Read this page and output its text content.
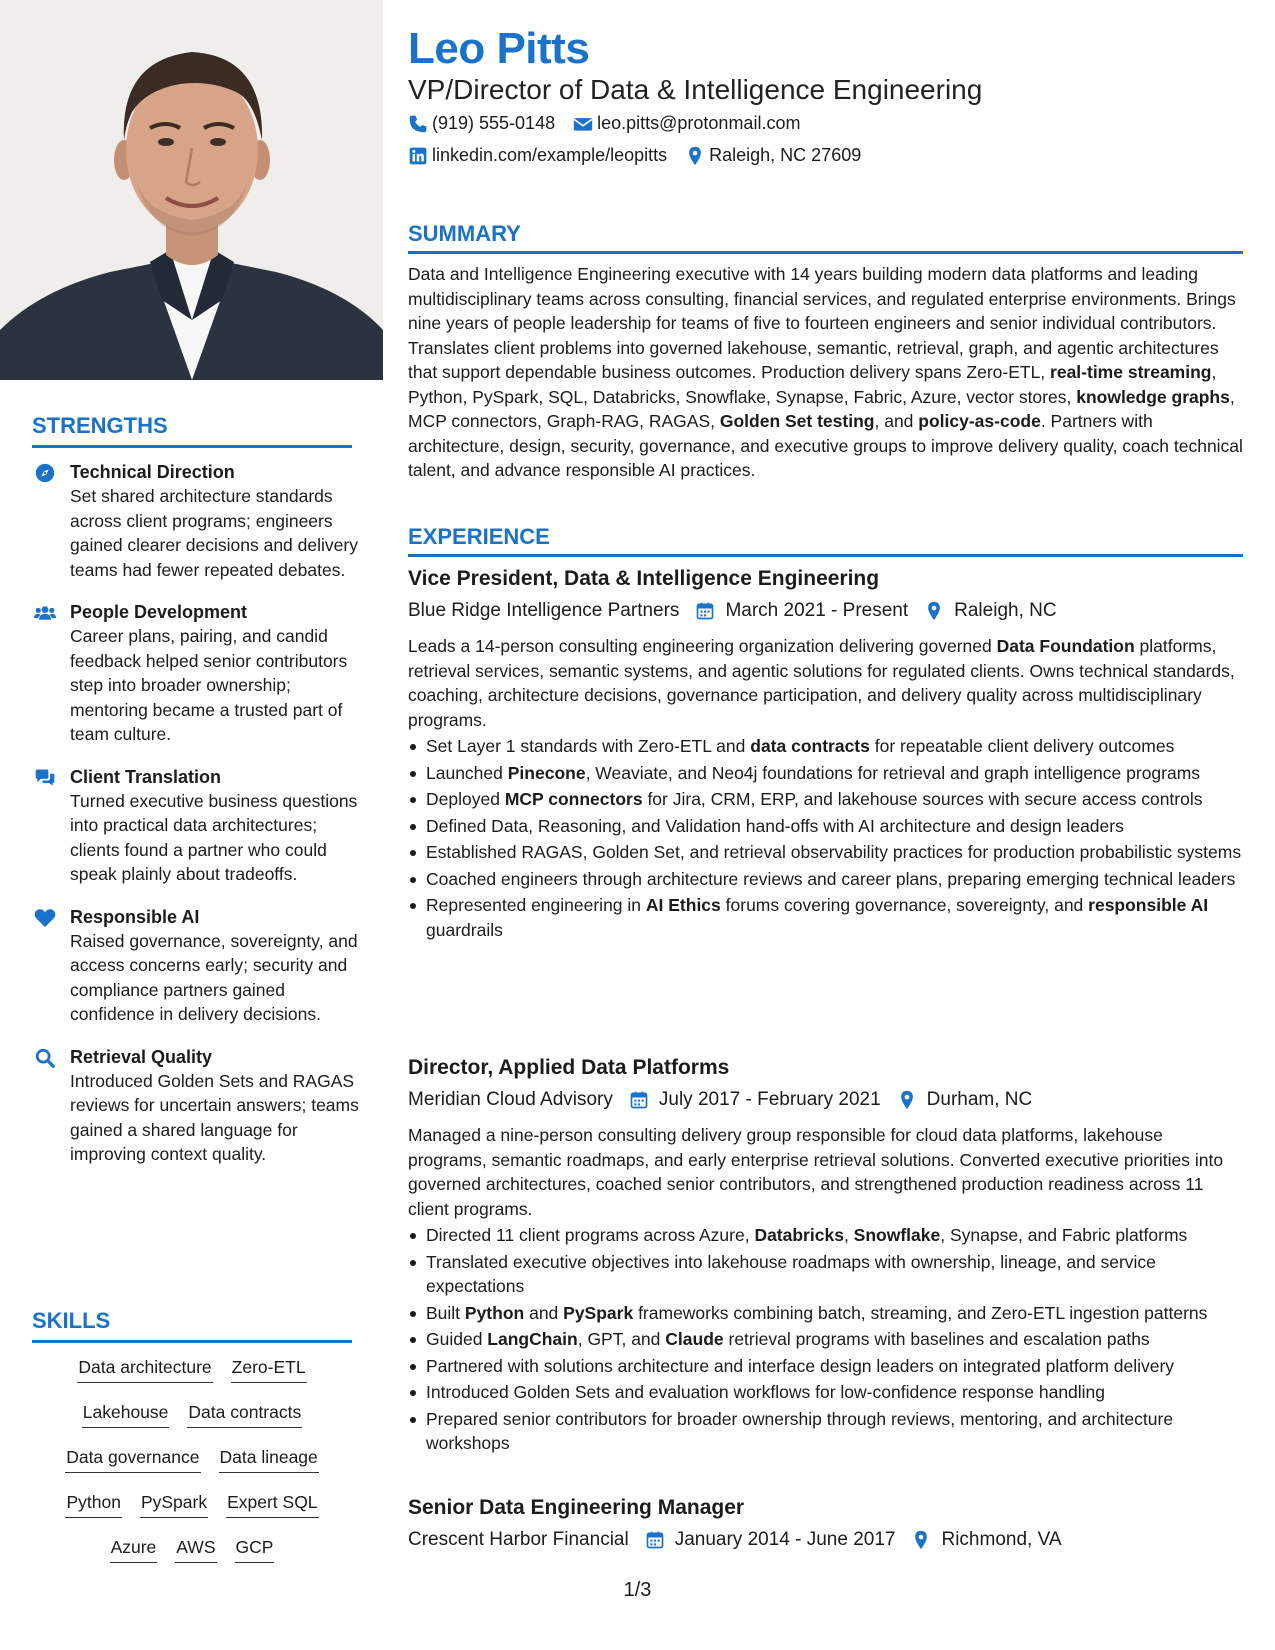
STRENGTHS
Technical Direction
Set shared architecture standards across client programs; engineers gained clearer decisions and delivery teams had fewer repeated debates.
People Development
Career plans, pairing, and candid feedback helped senior contributors step into broader ownership; mentoring became a trusted part of team culture.
Client Translation
Turned executive business questions into practical data architectures; clients found a partner who could speak plainly about tradeoffs.
Responsible AI
Raised governance, sovereignty, and access concerns early; security and compliance partners gained confidence in delivery decisions.
Retrieval Quality
Introduced Golden Sets and RAGAS reviews for uncertain answers; teams gained a shared language for improving context quality.
SKILLS
Data architecture Zero-ETL
Lakehouse Data contracts
Data governance Data lineage
Python PySpark Expert SQL
Azure AWS GCP
Leo Pitts
VP/Director of Data & Intelligence Engineering
(919) 555-0148 leo.pitts@protonmail.com
linkedin.com/example/leopitts Raleigh, NC 27609
SUMMARY
Data and Intelligence Engineering executive with 14 years building modern data platforms and leading multidisciplinary teams across consulting, financial services, and regulated enterprise environments. Brings nine years of people leadership for teams of five to fourteen engineers and senior individual contributors. Translates client problems into governed lakehouse, semantic, retrieval, graph, and agentic architectures that support dependable business outcomes. Production delivery spans Zero-ETL, real-time streaming, Python, PySpark, SQL, Databricks, Snowflake, Synapse, Fabric, Azure, vector stores, knowledge graphs, MCP connectors, Graph-RAG, RAGAS, Golden Set testing, and policy-as-code. Partners with architecture, design, security, governance, and executive groups to improve delivery quality, coach technical talent, and advance responsible AI practices.
EXPERIENCE
Vice President, Data & Intelligence Engineering
Blue Ridge Intelligence Partners March 2021 - Present Raleigh, NC
Leads a 14-person consulting engineering organization delivering governed Data Foundation platforms, retrieval services, semantic systems, and agentic solutions for regulated clients. Owns technical standards, coaching, architecture decisions, governance participation, and delivery quality across multidisciplinary programs.
Set Layer 1 standards with Zero-ETL and data contracts for repeatable client delivery outcomes
Launched Pinecone, Weaviate, and Neo4j foundations for retrieval and graph intelligence programs
Deployed MCP connectors for Jira, CRM, ERP, and lakehouse sources with secure access controls
Defined Data, Reasoning, and Validation hand-offs with AI architecture and design leaders
Established RAGAS, Golden Set, and retrieval observability practices for production probabilistic systems
Coached engineers through architecture reviews and career plans, preparing emerging technical leaders
Represented engineering in AI Ethics forums covering governance, sovereignty, and responsible AI guardrails
Director, Applied Data Platforms
Meridian Cloud Advisory July 2017 - February 2021 Durham, NC
Managed a nine-person consulting delivery group responsible for cloud data platforms, lakehouse programs, semantic roadmaps, and early enterprise retrieval solutions. Converted executive priorities into governed architectures, coached senior contributors, and strengthened production readiness across 11 client programs.
Directed 11 client programs across Azure, Databricks, Snowflake, Synapse, and Fabric platforms
Translated executive objectives into lakehouse roadmaps with ownership, lineage, and service expectations
Built Python and PySpark frameworks combining batch, streaming, and Zero-ETL ingestion patterns
Guided LangChain, GPT, and Claude retrieval programs with baselines and escalation paths
Partnered with solutions architecture and interface design leaders on integrated platform delivery
Introduced Golden Sets and evaluation workflows for low-confidence response handling
Prepared senior contributors for broader ownership through reviews, mentoring, and architecture workshops
Senior Data Engineering Manager
Crescent Harbor Financial January 2014 - June 2017 Richmond, VA
1/3
